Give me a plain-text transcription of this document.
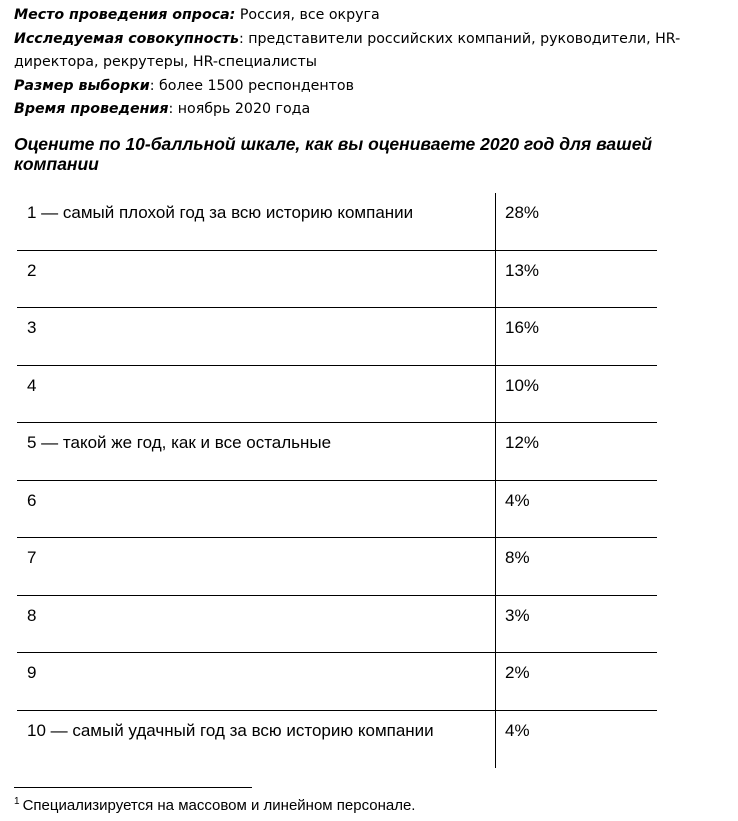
Место проведения опроса: Россия, все округа

Исследуемая совокупность: представители российских компаний, руководители, HR-директора, рекрутеры, HR-специалисты

Размер выборки: более 1500 респондентов

Время проведения: ноябрь 2020 года

Оцените по 10-балльной шкале, как вы оцениваете 2020 год для вашей компании
1 — самый плохой год за всю историю компании	28%
2	13%
3	16%
4	10%
5 — такой же год, как и все остальные	12%
6	4%
7	8%
8	3%
9	2%
10 — самый удачный год за всю историю компании	4%
$^1$ Специализируется на массовом и линейном персонале.
